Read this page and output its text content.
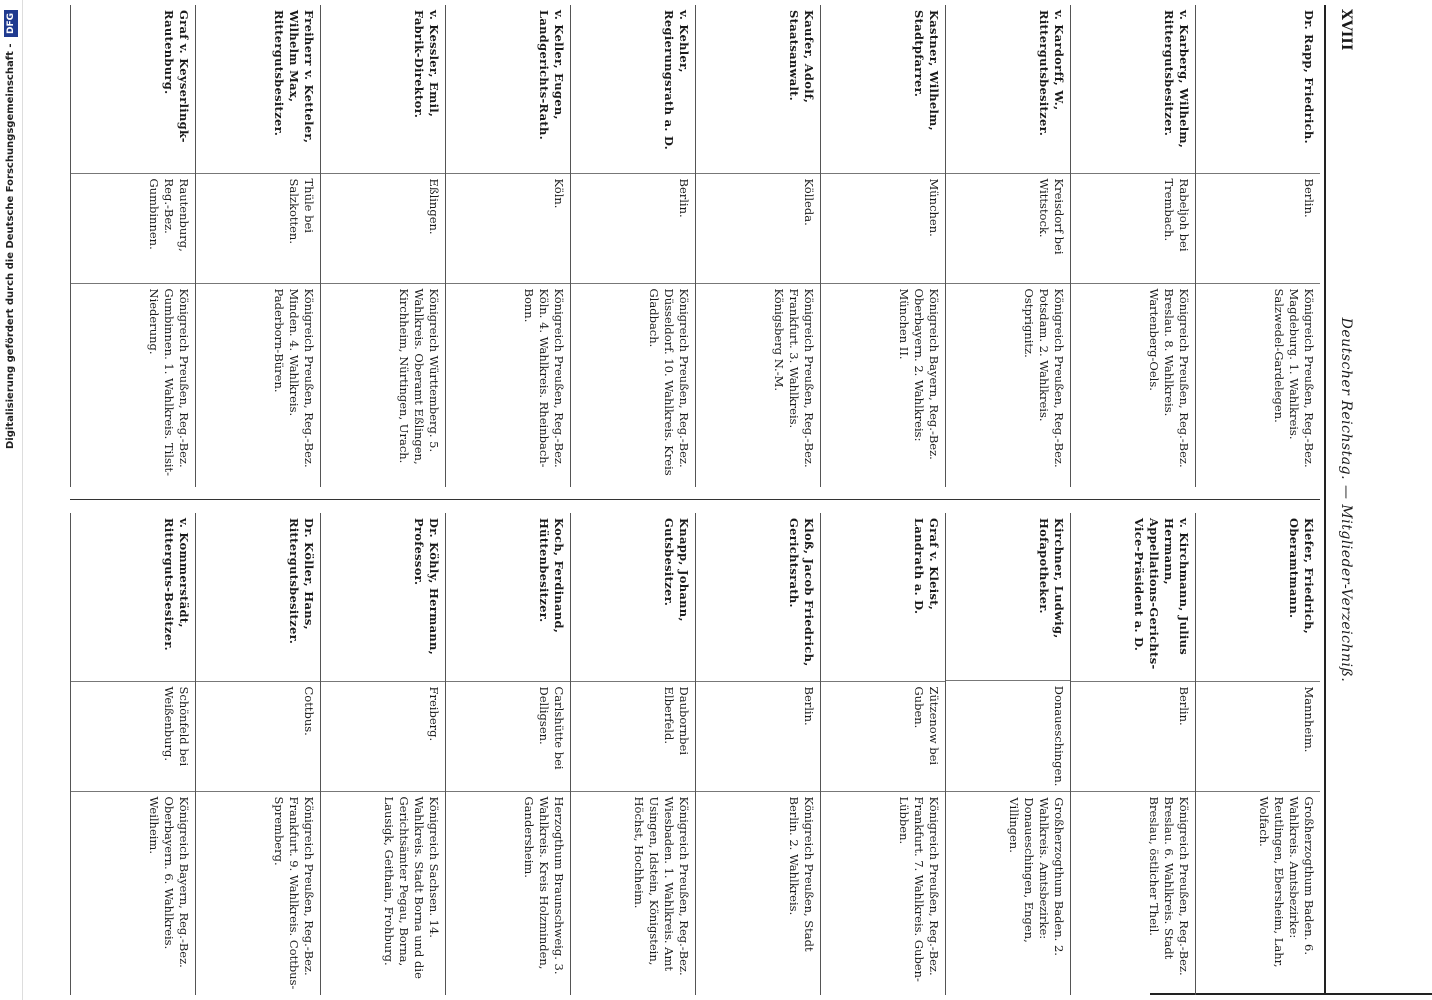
Digitalisierung gefördert durch die Deutsche Forschungsgemeinschaft - DFG	XVIII
Deutscher Reichstag. — Mitglieder-Verzeichniß.
Dr. Rapp, Friedrich.
Berlin.
Königreich Preußen, Reg.-Bez. Magdeburg. 1. Wahlkreis. Salzwedel-Gardelegen.
v. Karberg, Wilhelm, Rittergutsbesitzer.
Rabeljoh bei Trembach.
Königreich Preußen, Reg.-Bez. Breslau. 8. Wahlkreis. Wartenberg-Oels.
v. Kardorff, W., Rittergutsbesitzer.
Kreisdorf bei Wittstock.
Königreich Preußen, Reg.-Bez. Potsdam. 2. Wahlkreis. Ostprignitz.
Kastner, Wilhelm, Stadtpfarrer.
München.
Königreich Bayern, Reg.-Bez. Oberbayern. 2. Wahlkreis: München II.
Kaufer, Adolf, Staatsanwalt.
Kölleda.
Königreich Preußen, Reg.-Bez. Frankfurt. 3. Wahlkreis. Königsberg N.-M.
v. Kehler, Regierungsrath a. D.
Berlin.
Königreich Preußen, Reg.-Bez. Düsseldorf. 10. Wahlkreis. Kreis Gladbach.
v. Keller, Eugen, Landgerichts-Rath.
Köln.
Königreich Preußen, Reg.-Bez. Köln. 4. Wahlkreis. Rheinbach-Bonn.
v. Kessler, Emil, Fabrik-Direktor.
Eßlingen.
Königreich Württemberg. 5. Wahlkreis. Oberamt Eßlingen, Kirchheim, Nürtingen, Urach.
Freiherr v. Ketteler, Wilhelm Max, Rittergutsbesitzer.
Thüle bei Salzkotten.
Königreich Preußen, Reg.-Bez. Minden. 4. Wahlkreis. Paderborn-Büren.
Graf v. Keyserlingk-Rautenburg.
Rautenburg, Reg.-Bez. Gumbinnen.
Königreich Preußen, Reg.-Bez. Gumbinnen. 1. Wahlkreis. Tilsit-Niederung.
Kiefer, Friedrich, Oberamtmann.
Mannheim.
Großherzogthum Baden. 6. Wahlkreis. Amtsbezirke: Reutlingen, Ebersheim, Lahr, Wolfach.
v. Kirchmann, Julius Hermann, Appellations-Gerichts-Vice-Präsident a. D.
Berlin.
Königreich Preußen, Reg.-Bez. Breslau. 6. Wahlkreis. Stadt Breslau, östlicher Theil.
Kirchner, Ludwig, Hofapotheker.
Donaueschingen.
Großherzogthum Baden. 2. Wahlkreis. Amtsbezirke: Donaueschingen, Engen, Villingen.
Graf v. Kleist, Landrath a. D.
Zützenow bei Guben.
Königreich Preußen, Reg.-Bez. Frankfurt. 7. Wahlkreis. Guben-Lübben.
Kloß, Jacob Friedrich, Gerichtsrath.
Berlin.
Königreich Preußen, Stadt Berlin. 2. Wahlkreis.
Knapp, Johann, Gutsbesitzer.
Daubornbei Elberfeld.
Königreich Preußen, Reg.-Bez. Wiesbaden. 1. Wahlkreis. Amt Usingen, Idstein, Königstein, Höchst, Hochheim.
Koch, Ferdinand, Hüttenbesitzer.
Carlshütte bei Delligsen.
Herzogthum Braunschweig. 3. Wahlkreis. Kreis Holzminden, Gandersheim.
Dr. Köhly, Hermann, Professor.
Freiberg.
Königreich Sachsen. 14. Wahlkreis. Stadt Borna und die Gerichtsämter Pegau, Borna, Lausigk, Geithain, Frohburg.
Dr. Köller, Hans, Rittergutsbesitzer.
Cottbus.
Königreich Preußen, Reg.-Bez. Frankfurt. 9. Wahlkreis. Cottbus-Spremberg.
v. Kommerstädt, Ritterguts-Besitzer.
Schönfeld bei Weißenburg.
Königreich Bayern, Reg.-Bez. Oberbayern. 6. Wahlkreis. Weilheim.
